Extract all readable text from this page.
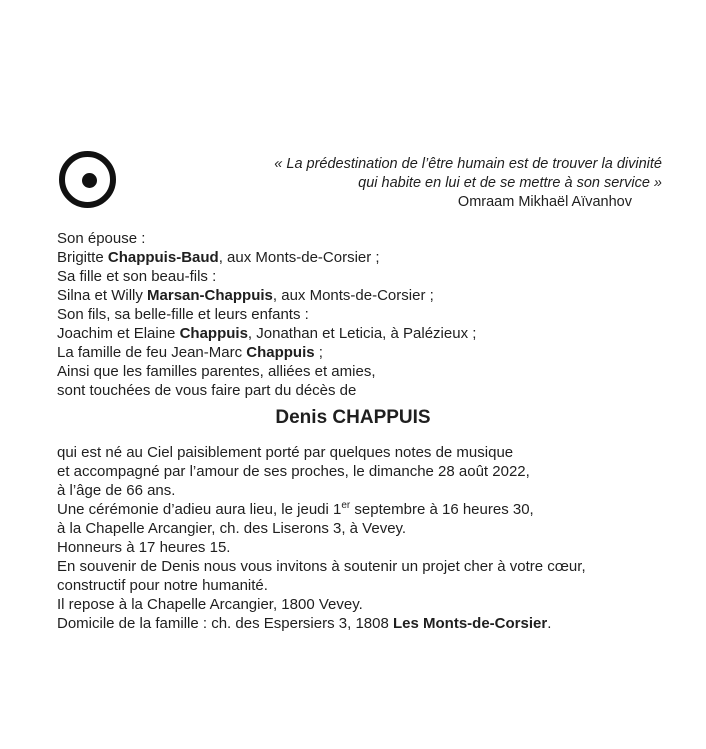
« La prédestination de l’être humain est de trouver la divinité
qui habite en lui et de se mettre à son service »
Omraam Mikhaël Aïvanhov
Son épouse :
Brigitte Chappuis-Baud, aux Monts-de-Corsier ;
Sa fille et son beau-fils :
Silna et Willy Marsan-Chappuis, aux Monts-de-Corsier ;
Son fils, sa belle-fille et leurs enfants :
Joachim et Elaine Chappuis, Jonathan et Leticia, à Palézieux ;
La famille de feu Jean-Marc Chappuis ;
Ainsi que les familles parentes, alliées et amies,
sont touchées de vous faire part du décès de
Denis CHAPPUIS
qui est né au Ciel paisiblement porté par quelques notes de musique
et accompagné par l’amour de ses proches, le dimanche 28 août 2022,
à l’âge de 66 ans.
Une cérémonie d’adieu aura lieu, le jeudi 1er septembre à 16 heures 30,
à la Chapelle Arcangier, ch. des Liserons 3, à Vevey.
Honneurs à 17 heures 15.
En souvenir de Denis nous vous invitons à soutenir un projet cher à votre cœur,
constructif pour notre humanité.
Il repose à la Chapelle Arcangier, 1800 Vevey.
Domicile de la famille : ch. des Espersiers 3, 1808 Les Monts-de-Corsier.
